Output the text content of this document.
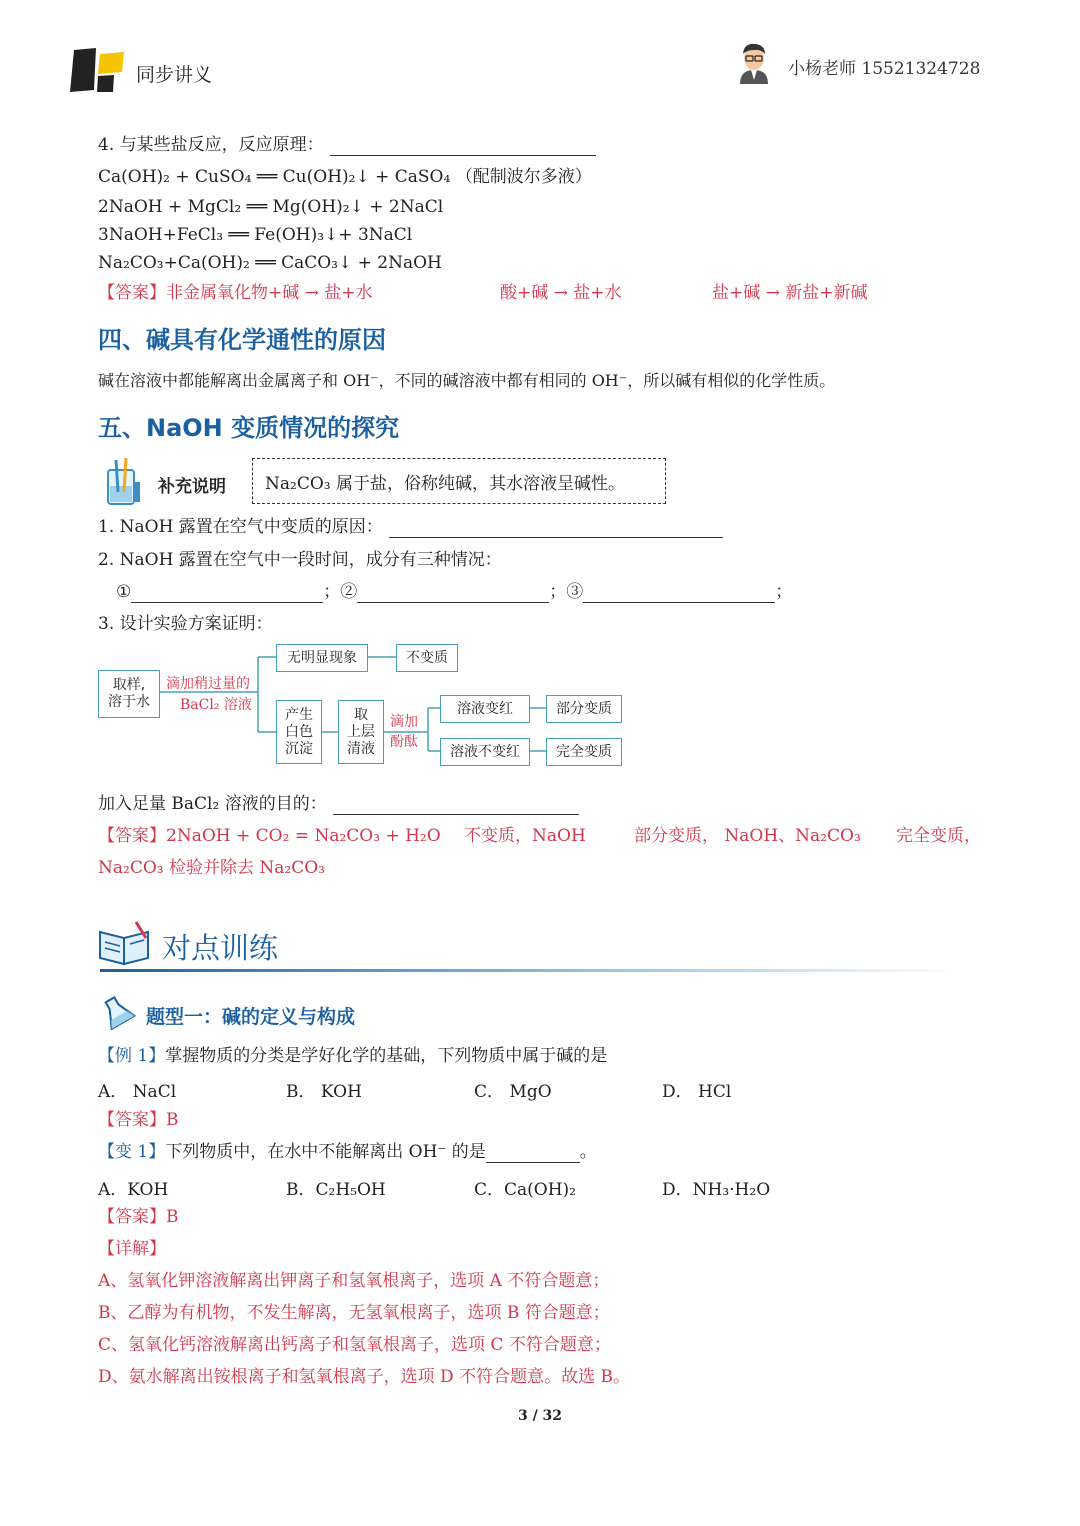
同步讲义	小杨老师 15521324728
4. 与某些盐反应，反应原理：
Ca(OH)₂ + CuSO₄ ══ Cu(OH)₂↓ + CaSO₄ （配制波尔多液）
2NaOH + MgCl₂ ══ Mg(OH)₂↓ + 2NaCl
3NaOH+FeCl₃ ══ Fe(OH)₃↓+ 3NaCl
Na₂CO₃+Ca(OH)₂ ══ CaCO₃↓ + 2NaOH
【答案】非金属氧化物+碱 → 盐+水	酸+碱 → 盐+水	盐+碱 → 新盐+新碱
四、碱具有化学通性的原因
碱在溶液中都能解离出金属离子和 OH⁻，不同的碱溶液中都有相同的 OH⁻，所以碱有相似的化学性质。
五、NaOH 变质情况的探究
补充说明 Na₂CO₃ 属于盐，俗称纯碱，其水溶液呈碱性。
1. NaOH 露置在空气中变质的原因：
2. NaOH 露置在空气中一段时间，成分有三种情况：
①	；②	；③	；
3. 设计实验方案证明：
取样,
溶于水
滴加稍过量的
BaCl₂ 溶液
无明显现象	不变质
产生
白色
沉淀
取
上层
清液
滴加
酚酞
溶液变红	部分变质
溶液不变红	完全变质
加入足量 BaCl₂ 溶液的目的：
【答案】2NaOH + CO₂ = Na₂CO₃ + H₂O 不变质，NaOH	部分变质， NaOH、Na₂CO₃ 完全变质，
Na₂CO₃ 检验并除去 Na₂CO₃
对点训练
题型一：碱的定义与构成
【例 1】掌握物质的分类是学好化学的基础，下列物质中属于碱的是
A． NaCl	B． KOH	C． MgO	D． HCl
【答案】B
【变 1】下列物质中，在水中不能解离出 OH⁻ 的是	。
A．KOH	B．C₂H₅OH	C．Ca(OH)₂	D．NH₃·H₂O
【答案】B
【详解】
A、氢氧化钾溶液解离出钾离子和氢氧根离子，选项 A 不符合题意；
B、乙醇为有机物，不发生解离，无氢氧根离子，选项 B 符合题意；
C、氢氧化钙溶液解离出钙离子和氢氧根离子，选项 C 不符合题意；
D、氨水解离出铵根离子和氢氧根离子，选项 D 不符合题意。故选 B。
3 / 32
